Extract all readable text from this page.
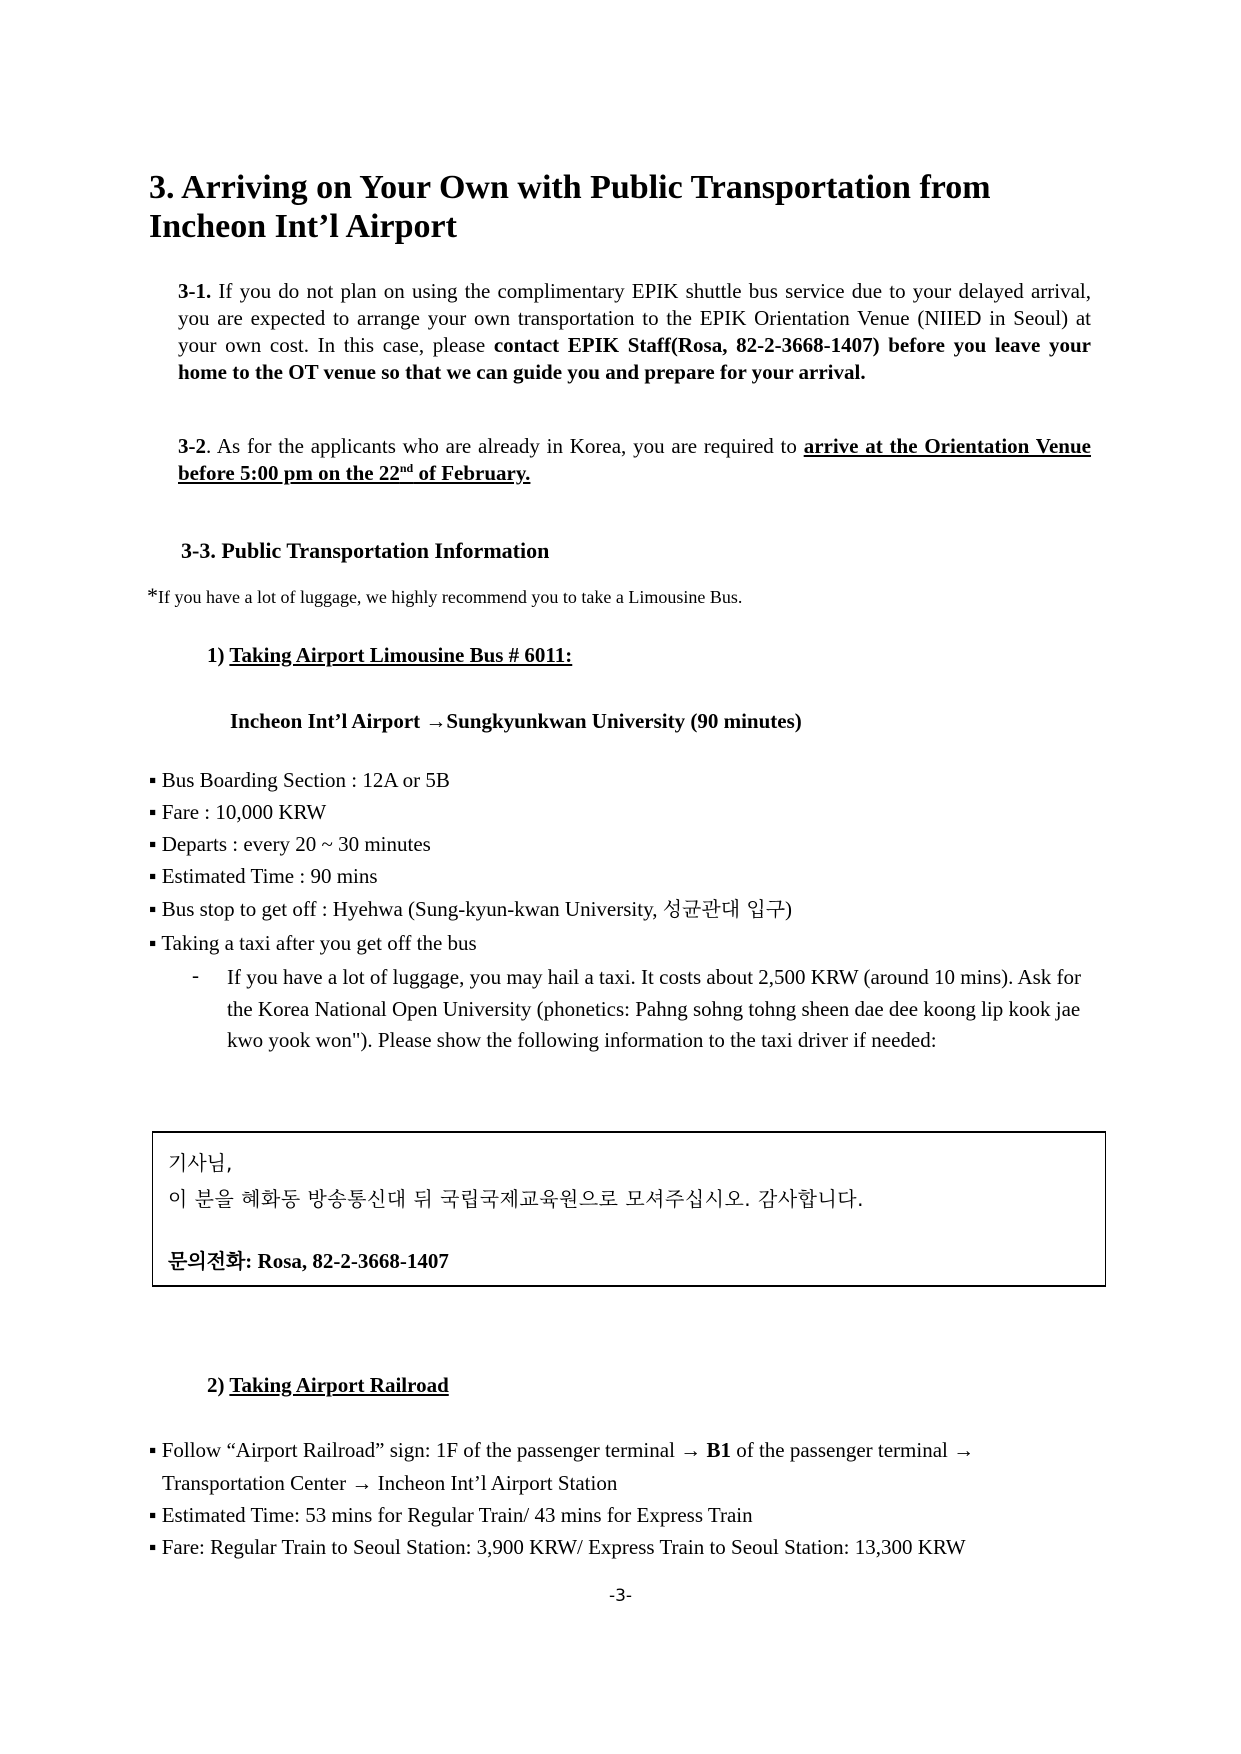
3. Arriving on Your Own with Public Transportation from
Incheon Int’l Airport
3-1. If you do not plan on using the complimentary EPIK shuttle bus service due to your delayed arrival, you are expected to arrange your own transportation to the EPIK Orientation Venue (NIIED in Seoul) at your own cost. In this case, please contact EPIK Staff(Rosa, 82-2-3668-1407) before you leave your home to the OT venue so that we can guide you and prepare for your arrival.
3-2. As for the applicants who are already in Korea, you are required to arrive at the Orientation Venue before 5:00 pm on the 22nd of February.
3-3. Public Transportation Information
*If you have a lot of luggage, we highly recommend you to take a Limousine Bus.
1) Taking Airport Limousine Bus # 6011:
Incheon Int’l Airport →Sungkyunkwan University (90 minutes)
▪ Bus Boarding Section : 12A or 5B
▪ Fare : 10,000 KRW
▪ Departs : every 20 ~ 30 minutes
▪ Estimated Time : 90 mins
▪ Bus stop to get off : Hyehwa (Sung-kyun-kwan University, 성균관대 입구)
▪ Taking a taxi after you get off the bus
- If you have a lot of luggage, you may hail a taxi. It costs about 2,500 KRW (around 10 mins). Ask for the Korea National Open University (phonetics: Pahng sohng tohng sheen dae dee koong lip kook jae kwo yook won"). Please show the following information to the taxi driver if needed:
기사님,
이 분을 혜화동 방송통신대 뒤 국립국제교육원으로 모셔주십시오. 감사합니다.
문의전화: Rosa, 82-2-3668-1407
2) Taking Airport Railroad
▪ Follow “Airport Railroad” sign: 1F of the passenger terminal → B1 of the passenger terminal →
Transportation Center → Incheon Int’l Airport Station
▪ Estimated Time: 53 mins for Regular Train/ 43 mins for Express Train
▪ Fare: Regular Train to Seoul Station: 3,900 KRW/ Express Train to Seoul Station: 13,300 KRW
-3-
